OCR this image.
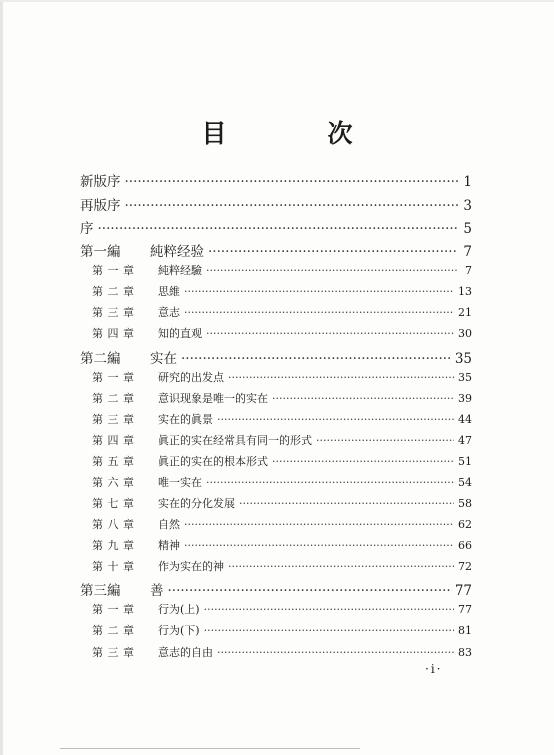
目　次
新版序 ·····	1
再版序 ·····	3
序 ·····	5
第一編	純粹经验 ·····	7
第 一 章	純粹经驗 ·····	7
第 二 章	思維 ·····	13
第 三 章	意志 ·····	21
第 四 章	知的直观 ·····	30
第二編	实在 ·····	35
第 一 章	研究的出发点 ·····	35
第 二 章	意识现象是唯一的实在 ·····	39
第 三 章	实在的眞景 ·····	44
第 四 章	眞正的实在经常具有同一的形式 ·····	47
第 五 章	眞正的实在的根本形式 ·····	51
第 六 章	唯一实在 ·····	54
第 七 章	实在的分化发展 ·····	58
第 八 章	自然 ·····	62
第 九 章	精神 ·····	66
第 十 章	作为实在的神 ·····	72
第三編	善 ·····	77
第 一 章	行为(上) ·····	77
第 二 章	行为(下) ·····	81
第 三 章	意志的自由 ·····	83
·i·
